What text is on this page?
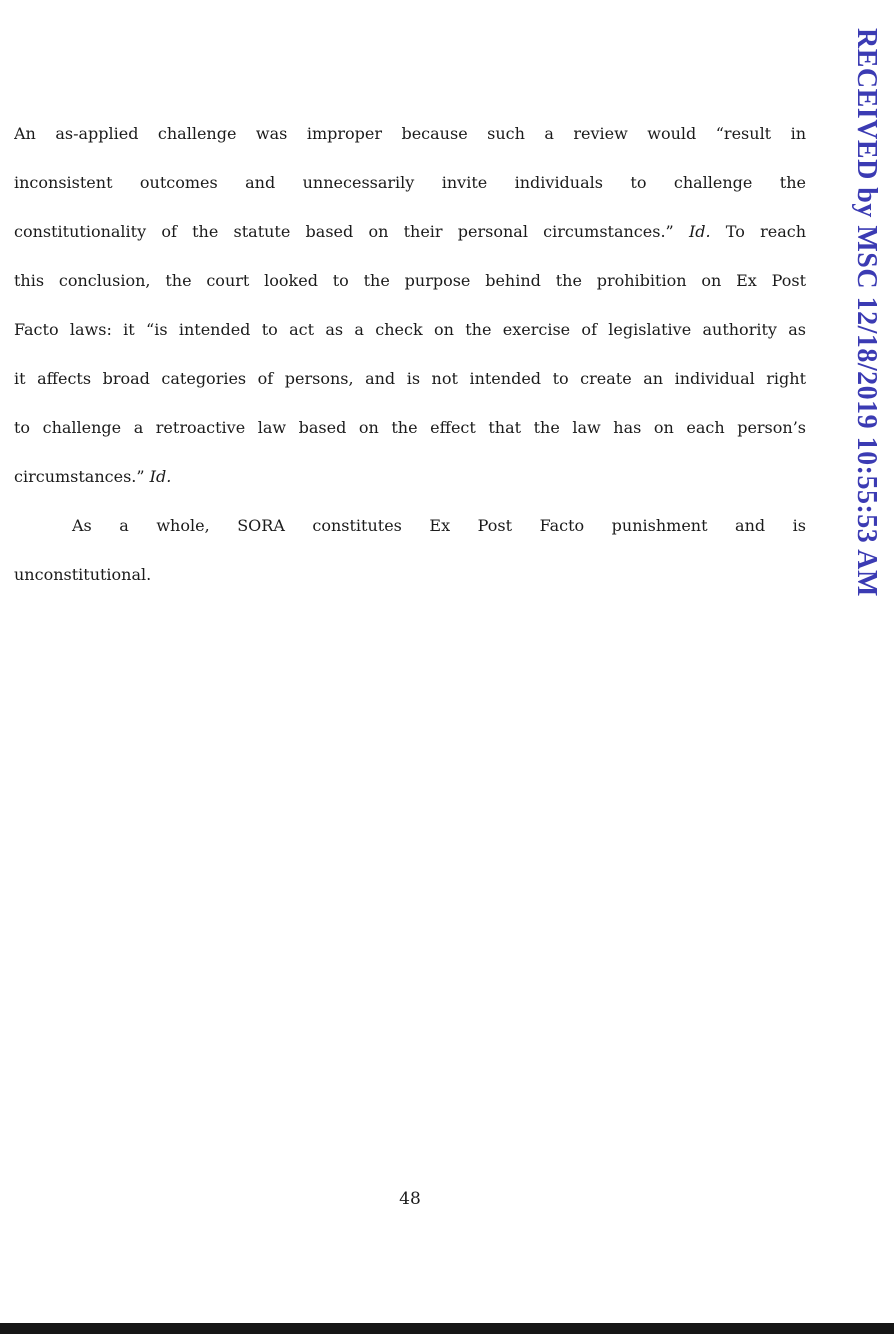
RECEIVED by MSC 12/18/2019 10:55:53 AM
An as-applied challenge was improper because such a review would “result in
inconsistent outcomes and unnecessarily invite individuals to challenge the
constitutionality of the statute based on their personal circumstances.” Id. To reach
this conclusion, the court looked to the purpose behind the prohibition on Ex Post
Facto laws: it “is intended to act as a check on the exercise of legislative authority as
it affects broad categories of persons, and is not intended to create an individual right
to challenge a retroactive law based on the effect that the law has on each person’s
circumstances.” Id.
As a whole, SORA constitutes Ex Post Facto punishment and is
unconstitutional.
48
